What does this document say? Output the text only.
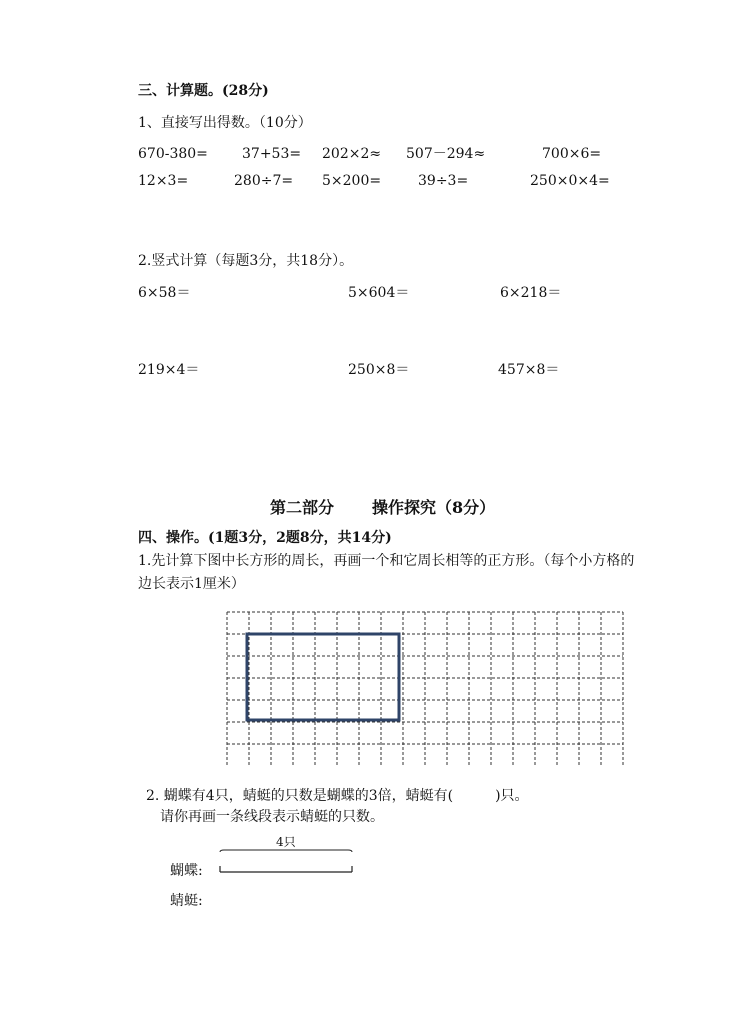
三、计算题。(28分)
1、直接写出得数。（10分）
670-380= 37+53= 202×2≈ 507－294≈	700×6=
12×3=	280÷7= 5×200=	39÷3=	250×0×4=
2.竖式计算（每题3分，共18分）。
6×58＝	5×604＝	6×218＝
219×4＝	250×8＝	457×8＝
第二部分 操作探究（8分）
四、操作。(1题3分，2题8分，共14分)
1.先计算下图中长方形的周长，再画一个和它周长相等的正方形。（每个小方格的
边长表示1厘米）
2. 蝴蝶有4只，蜻蜓的只数是蝴蝶的3倍，蜻蜓有(　　　)只。
请你再画一条线段表示蜻蜓的只数。
4只
蝴蝶:
蜻蜓:
